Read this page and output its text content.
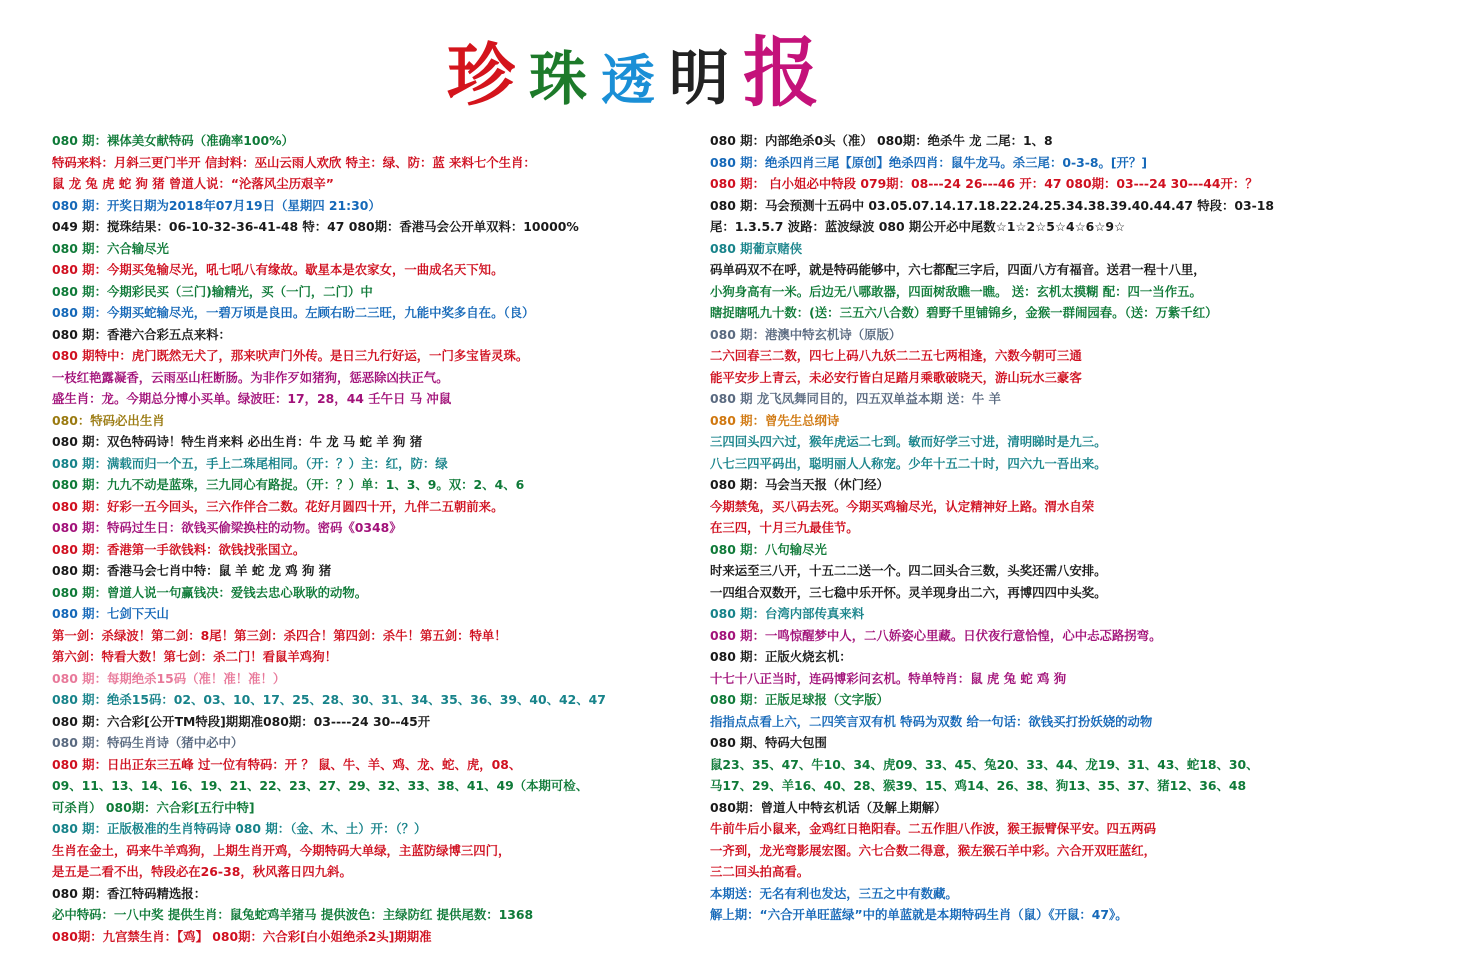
珍珠透明报
080 期：裸体美女献特码（准确率100%）
特码来料：月斜三更门半开 信封料：巫山云雨人欢欣 特主：绿、防：蓝 来料七个生肖：
鼠 龙 兔 虎 蛇 狗 猪 曾道人说：“沦落风尘历艰辛”
080 期：开奖日期为2018年07月19日（星期四 21:30）
049 期：搅珠结果：06-10-32-36-41-48 特：47 080期：香港马会公开单双料：10000%
080 期：六合输尽光
080 期：今期买兔输尽光，吼七吼八有缘故。歇星本是农家女，一曲成名天下知。
080 期：今期彩民买（三门)输精光，买（一门，二门）中
080 期：今期买蛇输尽光，一碧万顷是良田。左顾右盼二三旺，九能中奖多自在。（良）
080 期：香港六合彩五点来料：
080 期特中：虎门既然无犬了，那来吠声门外传。是日三九行好运，一门多宝皆灵珠。
一枝红艳露凝香，云雨巫山枉断肠。为非作歹如猪狗，惩恶除凶扶正气。
盛生肖：龙。今期总分博小买单。绿波旺：17，28，44 壬午日 马 冲鼠
080：特码必出生肖
080 期：双色特码诗！特生肖来料 必出生肖：牛 龙 马 蛇 羊 狗 猪
080 期：满载而归一个五，手上二珠尾相同。（开：？）主：红，防：绿
080 期：九九不动是蓝珠，三九同心有路捉。（开：？）单：1、3、9。双：2、4、6
080 期：好彩一五今回头，三六作伴合二数。花好月圆四十开，九伴二五朝前来。
080 期：特码过生日：欲钱买偷梁换柱的动物。密码《0348》
080 期：香港第一手欲钱料：欲钱找张国立。
080 期：香港马会七肖中特：鼠 羊 蛇 龙 鸡 狗 猪
080 期：曾道人说一句赢钱决：爱钱去忠心耿耿的动物。
080 期：七剑下天山
第一剑：杀绿波！第二剑：8尾！第三剑：杀四合！第四剑：杀牛！第五剑：特单！
第六剑：特看大数！第七剑：杀二门！看鼠羊鸡狗！
080 期：每期绝杀15码（准！准！准！）
080 期：绝杀15码：02、03、10、17、25、28、30、31、34、35、36、39、40、42、47
080 期：六合彩[公开TM特段]期期准080期：03----24 30--45开
080 期：特码生肖诗（猪中必中）
080 期：日出正东三五峰 过一位有特码：开 ？ 鼠、牛、羊、鸡、龙、蛇、虎，08、
09、11、13、14、16、19、21、22、23、27、29、32、33、38、41、49（本期可检、
可杀肖） 080期：六合彩[五行中特]
080 期：正版极准的生肖特码诗 080 期：（金、木、土）开：（？）
生肖在金土，码来牛羊鸡狗，上期生肖开鸡，今期特码大单绿，主蓝防绿博三四门，
是五是二看不出，特段必在26-38，秋风落日四九斜。
080 期：香江特码精选报：
必中特码：一八中奖 提供生肖：鼠兔蛇鸡羊猪马 提供波色：主绿防红 提供尾数：1368
080期：九宫禁生肖：【鸡】 080期：六合彩[白小姐绝杀2头]期期准
080 期：内部绝杀0头（准） 080期：绝杀牛 龙 二尾：1、8
080 期：绝杀四肖三尾【原创】绝杀四肖：鼠牛龙马。杀三尾：0-3-8。[开？]
080 期： 白小姐必中特段 079期：08---24 26---46 开：47 080期：03---24 30---44开：？
080 期：马会预测十五码中 03.05.07.14.17.18.22.24.25.34.38.39.40.44.47 特段：03-18
尾：1.3.5.7 波路：蓝波绿波 080 期公开必中尾数☆1☆2☆5☆4☆6☆9☆
080 期葡京赌侠
码单码双不在呼，就是特码能够中，六七都配三字后，四面八方有福音。送君一程十八里，
小狗身高有一米。后边无八哪敢器，四面树敌瞧一瞧。 送：玄机太摸糊 配：四一当作五。
瞎捉瞎吼九十数：(送：三五六八合数）碧野千里铺锦乡，金猴一群闹园春。（送：万紫千红）
080 期：港澳中特玄机诗（原版）
二六回春三二数，四七上码八九妖二二五七两相逢，六数今朝可三通
能平安步上青云，未必安行皆白足踏月乘歌破晓天，游山玩水三豪客
080 期 龙飞凤舞同目的，四五双单益本期 送：牛 羊
080 期：曾先生总纲诗
三四回头四六过，猴年虎运二七到。敏而好学三寸进，清明睇时是九三。
八七三四平码出，聪明丽人人称宠。少年十五二十时，四六九一吾出来。
080 期：马会当天报（休门经）
今期禁兔，买八码去死。今期买鸡输尽光，认定精神好上路。渭水自荣
在三四，十月三九最佳节。
080 期：八句输尽光
时来运至三八开，十五二二送一个。四二回头合三数，头奖还需八安排。
一四组合双数开，三七稳中乐开怀。灵羊现身出二六，再博四四中头奖。
080 期：台湾内部传真来料
080 期：一鸣惊醒梦中人，二八娇姿心里藏。日伏夜行意恰惶，心中忐忑路拐弯。
080 期：正版火烧玄机：
十七十八正当时，连码博彩问玄机。特单特肖：鼠 虎 兔 蛇 鸡 狗
080 期：正版足球报（文字版）
指指点点看上六，二四笑言双有机 特码为双数 给一句话：欲钱买打扮妖娆的动物
080 期、特码大包围
鼠23、35、47、牛10、34、虎09、33、45、兔20、33、44、龙19、31、43、蛇18、30、
马17、29、羊16、40、28、猴39、15、鸡14、26、38、狗13、35、37、猪12、36、48
080期：曾道人中特玄机话（及解上期解）
牛前牛后小鼠来，金鸡红日艳阳春。二五作胆八作波，猴王振臂保平安。四五两码
一齐到，龙光弯影展宏图。六七合数二得意，猴左猴石羊中彩。六合开双旺蓝红，
三二回头拍高看。
本期送：无名有利也发达，三五之中有数藏。
解上期：“六合开单旺蓝绿”中的单蓝就是本期特码生肖（鼠）《开鼠：47》。
